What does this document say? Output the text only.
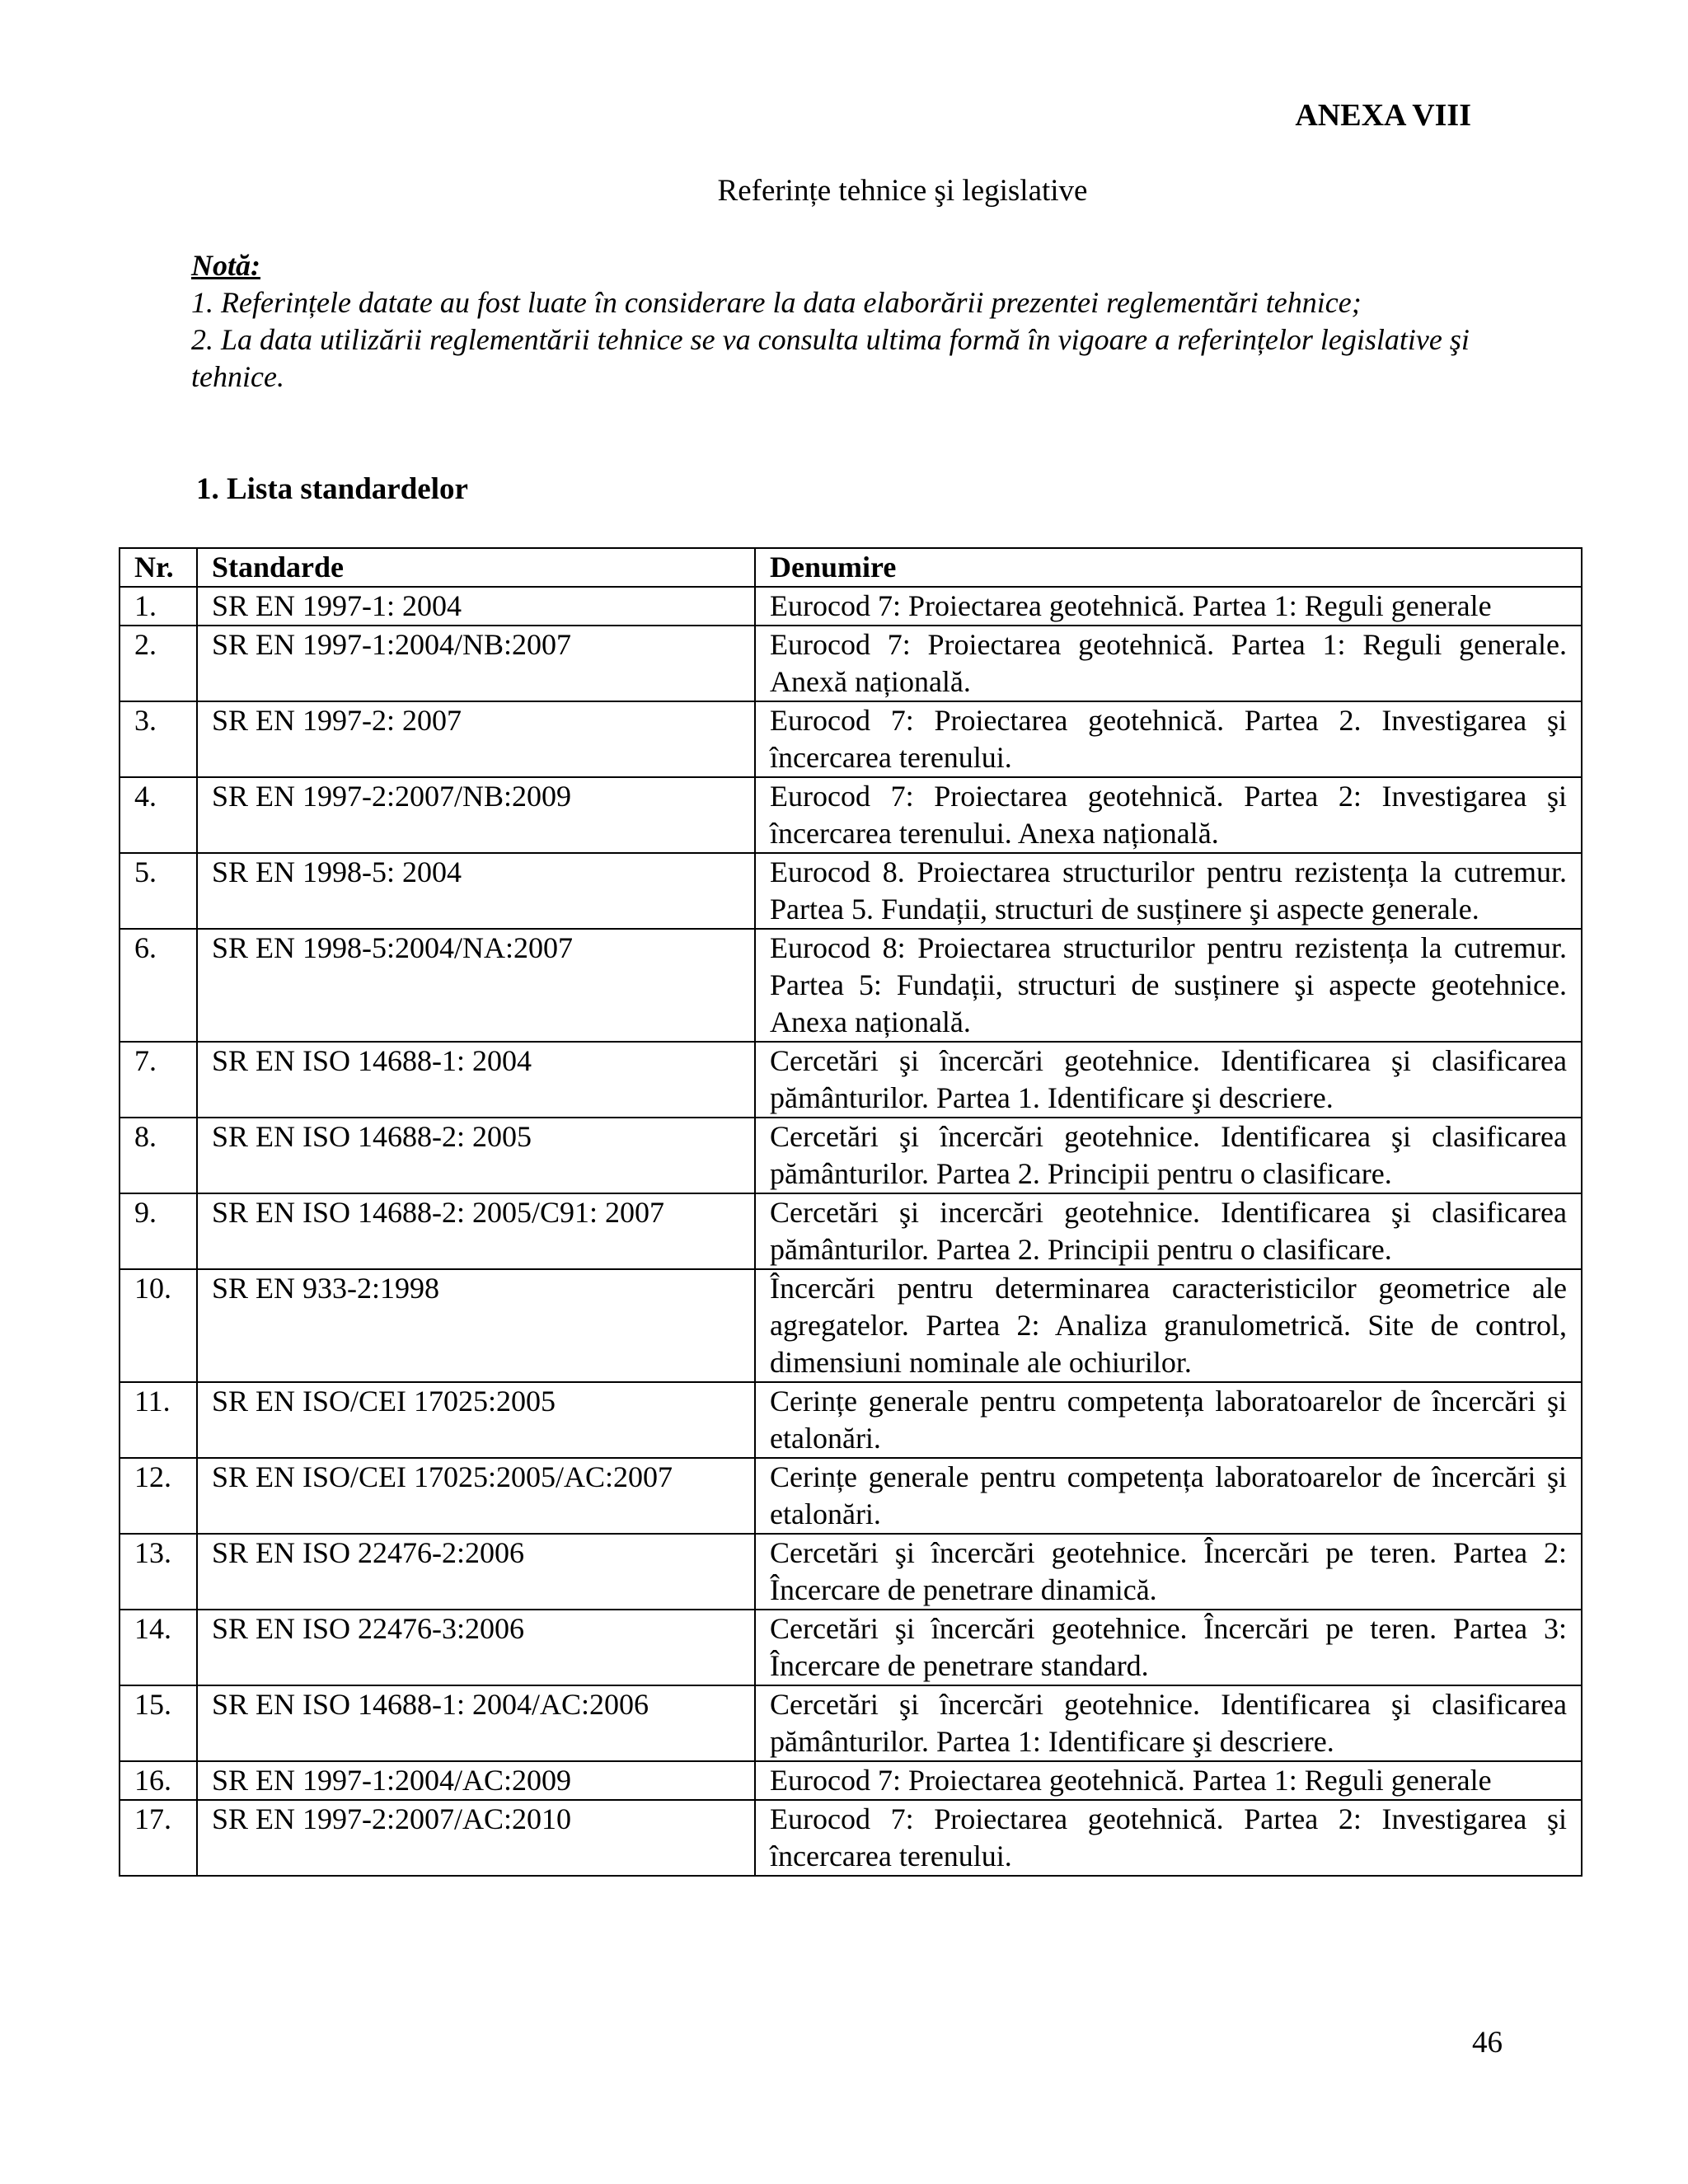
ANEXA VIII
Referințe tehnice şi legislative
Notă:
1. Referințele datate au fost luate în considerare la data elaborării prezentei reglementări tehnice;
2. La data utilizării reglementării tehnice se va consulta ultima formă în vigoare a referințelor legislative şi tehnice.
1. Lista standardelor
Nr.	Standarde	Denumire
1.	SR EN 1997-1: 2004	Eurocod 7: Proiectarea geotehnică. Partea 1: Reguli generale
2.	SR EN 1997-1:2004/NB:2007	Eurocod 7: Proiectarea geotehnică. Partea 1: Reguli generale. Anexă națională.
3.	SR EN 1997-2: 2007	Eurocod 7: Proiectarea geotehnică. Partea 2. Investigarea şi încercarea terenului.
4.	SR EN 1997-2:2007/NB:2009	Eurocod 7: Proiectarea geotehnică. Partea 2: Investigarea şi încercarea terenului. Anexa națională.
5.	SR EN 1998-5: 2004	Eurocod 8. Proiectarea structurilor pentru rezistența la cutremur. Partea 5. Fundații, structuri de susținere şi aspecte generale.
6.	SR EN 1998-5:2004/NA:2007	Eurocod 8: Proiectarea structurilor pentru rezistența la cutremur. Partea 5: Fundații, structuri de susținere şi aspecte geotehnice. Anexa națională.
7.	SR EN ISO 14688-1: 2004	Cercetări şi încercări geotehnice. Identificarea şi clasificarea pământurilor. Partea 1. Identificare şi descriere.
8.	SR EN ISO 14688-2: 2005	Cercetări şi încercări geotehnice. Identificarea şi clasificarea pământurilor. Partea 2. Principii pentru o clasificare.
9.	SR EN ISO 14688-2: 2005/C91: 2007	Cercetări şi incercări geotehnice. Identificarea şi clasificarea pământurilor. Partea 2. Principii pentru o clasificare.
10.	SR EN 933-2:1998	Încercări pentru determinarea caracteristicilor geometrice ale agregatelor. Partea 2: Analiza granulometrică. Site de control, dimensiuni nominale ale ochiurilor.
11.	SR EN ISO/CEI 17025:2005	Cerințe generale pentru competența laboratoarelor de încercări şi etalonări.
12.	SR EN ISO/CEI 17025:2005/AC:2007	Cerințe generale pentru competența laboratoarelor de încercări şi etalonări.
13.	SR EN ISO 22476-2:2006	Cercetări şi încercări geotehnice. Încercări pe teren. Partea 2: Încercare de penetrare dinamică.
14.	SR EN ISO 22476-3:2006	Cercetări şi încercări geotehnice. Încercări pe teren. Partea 3: Încercare de penetrare standard.
15.	SR EN ISO 14688-1: 2004/AC:2006	Cercetări şi încercări geotehnice. Identificarea şi clasificarea pământurilor. Partea 1: Identificare şi descriere.
16.	SR EN 1997-1:2004/AC:2009	Eurocod 7: Proiectarea geotehnică. Partea 1: Reguli generale
17.	SR EN 1997-2:2007/AC:2010	Eurocod 7: Proiectarea geotehnică. Partea 2: Investigarea şi încercarea terenului.
46
